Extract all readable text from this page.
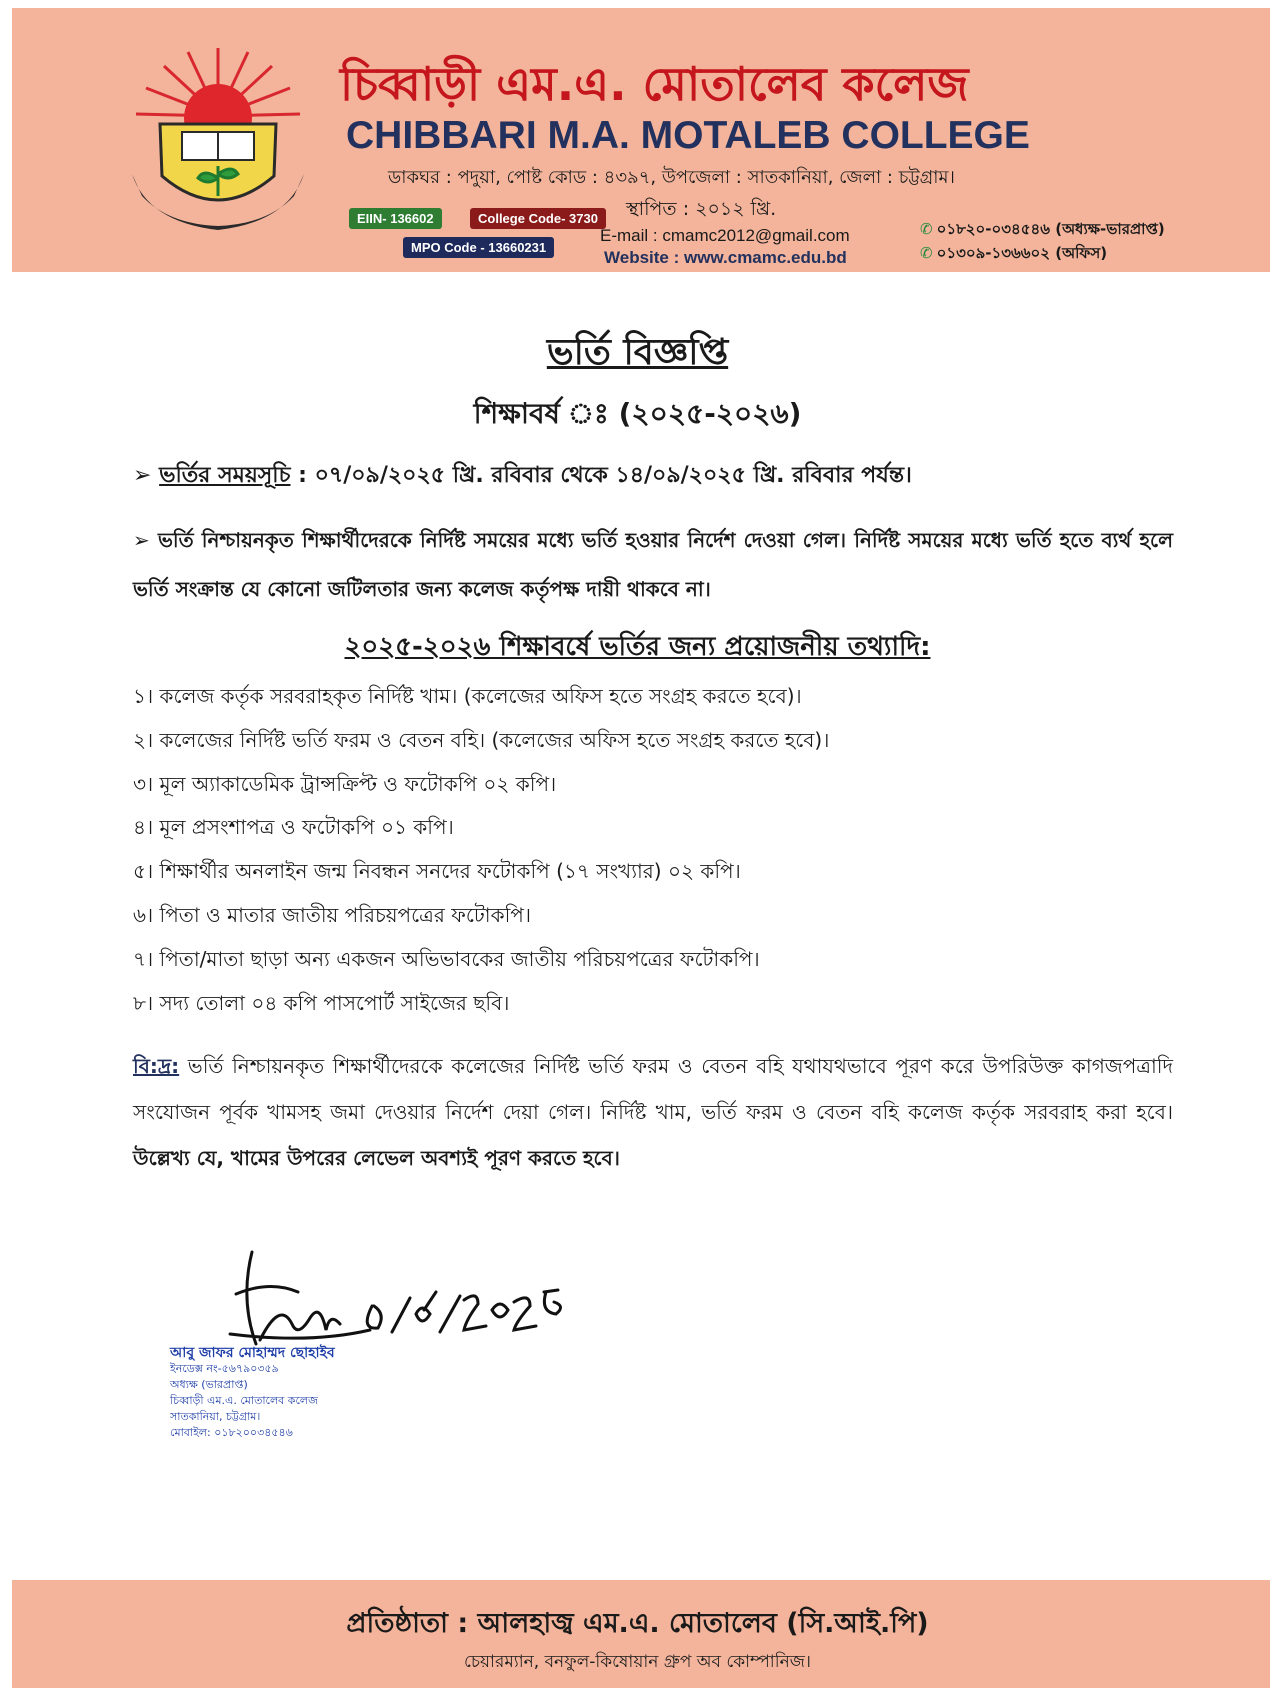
চিব্বাড়ী এম.এ. মোতালেব কলেজ
CHIBBARI M.A. MOTALEB COLLEGE
ডাকঘর : পদুয়া, পোষ্ট কোড : ৪৩৯৭, উপজেলা : সাতকানিয়া, জেলা : চট্টগ্রাম।
স্থাপিত : ২০১২ খ্রি.
EIIN- 136602	College Code- 3730
MPO Code - 13660231
E-mail : cmamc2012@gmail.com
Website : www.cmamc.edu.bd
✆ ০১৮২০-০৩৪৫৪৬ (অধ্যক্ষ-ভারপ্রাপ্ত)
✆ ০১৩০৯-১৩৬৬০২ (অফিস)
ভর্তি বিজ্ঞপ্তি
শিক্ষাবর্ষ ঃ (২০২৫-২০২৬)
➢ ভর্তির সময়সূচি : ০৭/০৯/২০২৫ খ্রি. রবিবার থেকে ১৪/০৯/২০২৫ খ্রি. রবিবার পর্যন্ত।
➢ ভর্তি নিশ্চায়নকৃত শিক্ষার্থীদেরকে নির্দিষ্ট সময়ের মধ্যে ভর্তি হওয়ার নির্দেশ দেওয়া গেল। নির্দিষ্ট সময়ের মধ্যে ভর্তি হতে ব্যর্থ হলে ভর্তি সংক্রান্ত যে কোনো জটিলতার জন্য কলেজ কর্তৃপক্ষ দায়ী থাকবে না।
২০২৫-২০২৬ শিক্ষাবর্ষে ভর্তির জন্য প্রয়োজনীয় তথ্যাদি:
১। কলেজ কর্তৃক সরবরাহকৃত নির্দিষ্ট খাম। (কলেজের অফিস হতে সংগ্রহ করতে হবে)।
২। কলেজের নির্দিষ্ট ভর্তি ফরম ও বেতন বহি। (কলেজের অফিস হতে সংগ্রহ করতে হবে)।
৩। মূল অ্যাকাডেমিক ট্রান্সক্রিপ্ট ও ফটোকপি ০২ কপি।
৪। মূল প্রসংশাপত্র ও ফটোকপি ০১ কপি।
৫। শিক্ষার্থীর অনলাইন জন্ম নিবন্ধন সনদের ফটোকপি (১৭ সংখ্যার) ০২ কপি।
৬। পিতা ও মাতার জাতীয় পরিচয়পত্রের ফটোকপি।
৭। পিতা/মাতা ছাড়া অন্য একজন অভিভাবকের জাতীয় পরিচয়পত্রের ফটোকপি।
৮। সদ্য তোলা ০৪ কপি পাসপোর্ট সাইজের ছবি।
বি:দ্র: ভর্তি নিশ্চায়নকৃত শিক্ষার্থীদেরকে কলেজের নির্দিষ্ট ভর্তি ফরম ও বেতন বহি যথাযথভাবে পূরণ করে উপরিউক্ত কাগজপত্রাদি সংযোজন পূর্বক খামসহ জমা দেওয়ার নির্দেশ দেয়া গেল। নির্দিষ্ট খাম, ভর্তি ফরম ও বেতন বহি কলেজ কর্তৃক সরবরাহ করা হবে। উল্লেখ্য যে, খামের উপরের লেভেল অবশ্যই পূরণ করতে হবে।
আবু জাফর মোহাম্মদ ছোহাইব
ইনডেক্স নং-৫৬৭৯০৩৫৯
অধ্যক্ষ (ভারপ্রাপ্ত)
চিব্বাড়ী এম.এ. মোতালেব কলেজ
সাতকানিয়া, চট্টগ্রাম।
মোবাইল: ০১৮২০০৩৪৫৪৬
প্রতিষ্ঠাতা : আলহাজ্ব এম.এ. মোতালেব (সি.আই.পি)
চেয়ারম্যান, বনফুল-কিষোয়ান গ্রুপ অব কোম্পানিজ।
